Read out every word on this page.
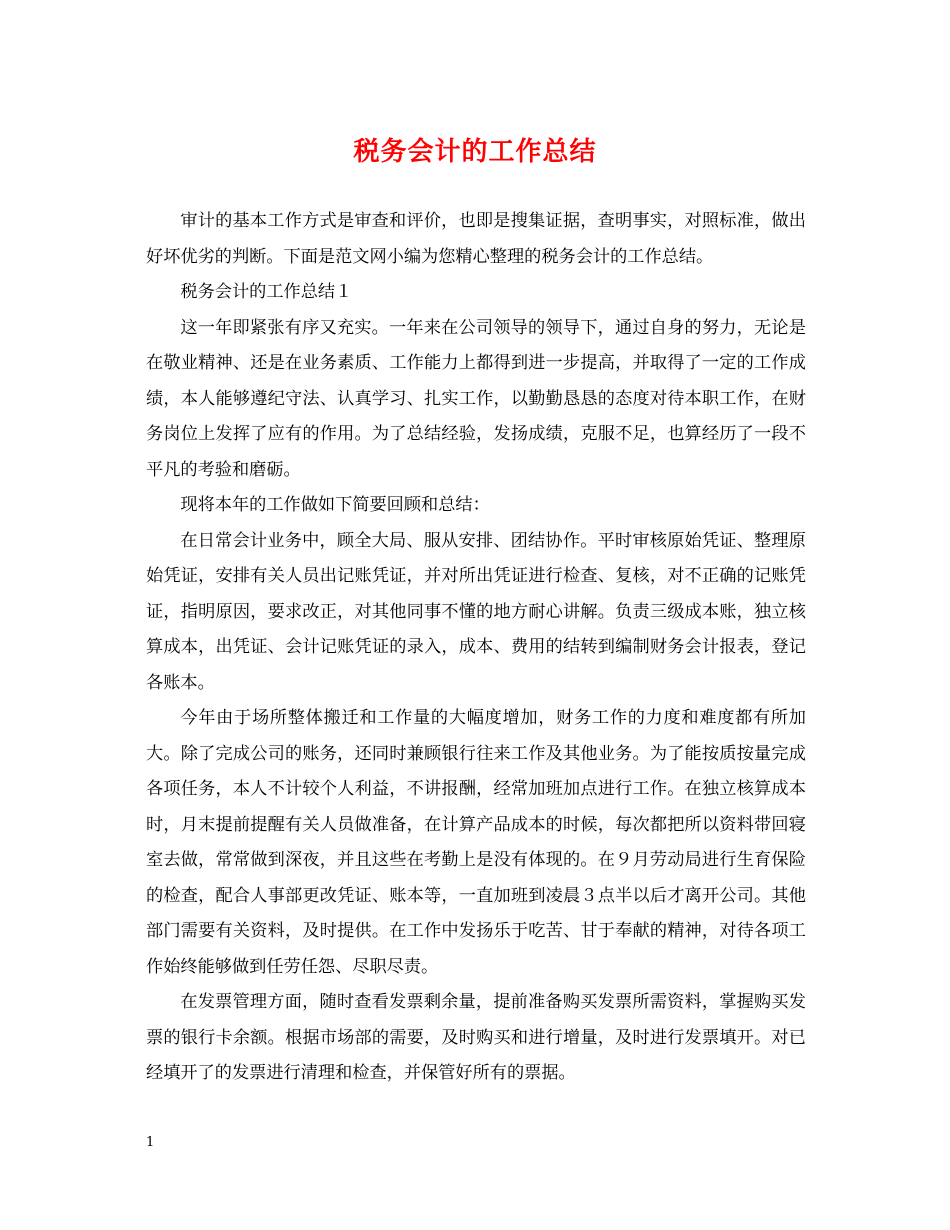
税务会计的工作总结

审计的基本工作方式是审查和评价，也即是搜集证据，查明事实，对照标准，做出好坏优劣的判断。下面是范文网小编为您精心整理的税务会计的工作总结。

税务会计的工作总结１

这一年即紧张有序又充实。一年来在公司领导的领导下，通过自身的努力，无论是在敬业精神、还是在业务素质、工作能力上都得到进一步提高，并取得了一定的工作成绩，本人能够遵纪守法、认真学习、扎实工作，以勤勤恳恳的态度对待本职工作，在财务岗位上发挥了应有的作用。为了总结经验，发扬成绩，克服不足，也算经历了一段不平凡的考验和磨砺。

现将本年的工作做如下简要回顾和总结：

在日常会计业务中，顾全大局、服从安排、团结协作。平时审核原始凭证、整理原始凭证，安排有关人员出记账凭证，并对所出凭证进行检查、复核，对不正确的记账凭证，指明原因，要求改正，对其他同事不懂的地方耐心讲解。负责三级成本账，独立核算成本，出凭证、会计记账凭证的录入，成本、费用的结转到编制财务会计报表，登记各账本。

今年由于场所整体搬迁和工作量的大幅度增加，财务工作的力度和难度都有所加大。除了完成公司的账务，还同时兼顾银行往来工作及其他业务。为了能按质按量完成各项任务，本人不计较个人利益，不讲报酬，经常加班加点进行工作。在独立核算成本时，月末提前提醒有关人员做准备，在计算产品成本的时候，每次都把所以资料带回寝室去做，常常做到深夜，并且这些在考勤上是没有体现的。在９月劳动局进行生育保险的检查，配合人事部更改凭证、账本等，一直加班到凌晨３点半以后才离开公司。其他部门需要有关资料，及时提供。在工作中发扬乐于吃苦、甘于奉献的精神，对待各项工作始终能够做到任劳任怨、尽职尽责。

在发票管理方面，随时查看发票剩余量，提前准备购买发票所需资料，掌握购买发票的银行卡余额。根据市场部的需要，及时购买和进行增量，及时进行发票填开。对已经填开了的发票进行清理和检查，并保管好所有的票据。

1
